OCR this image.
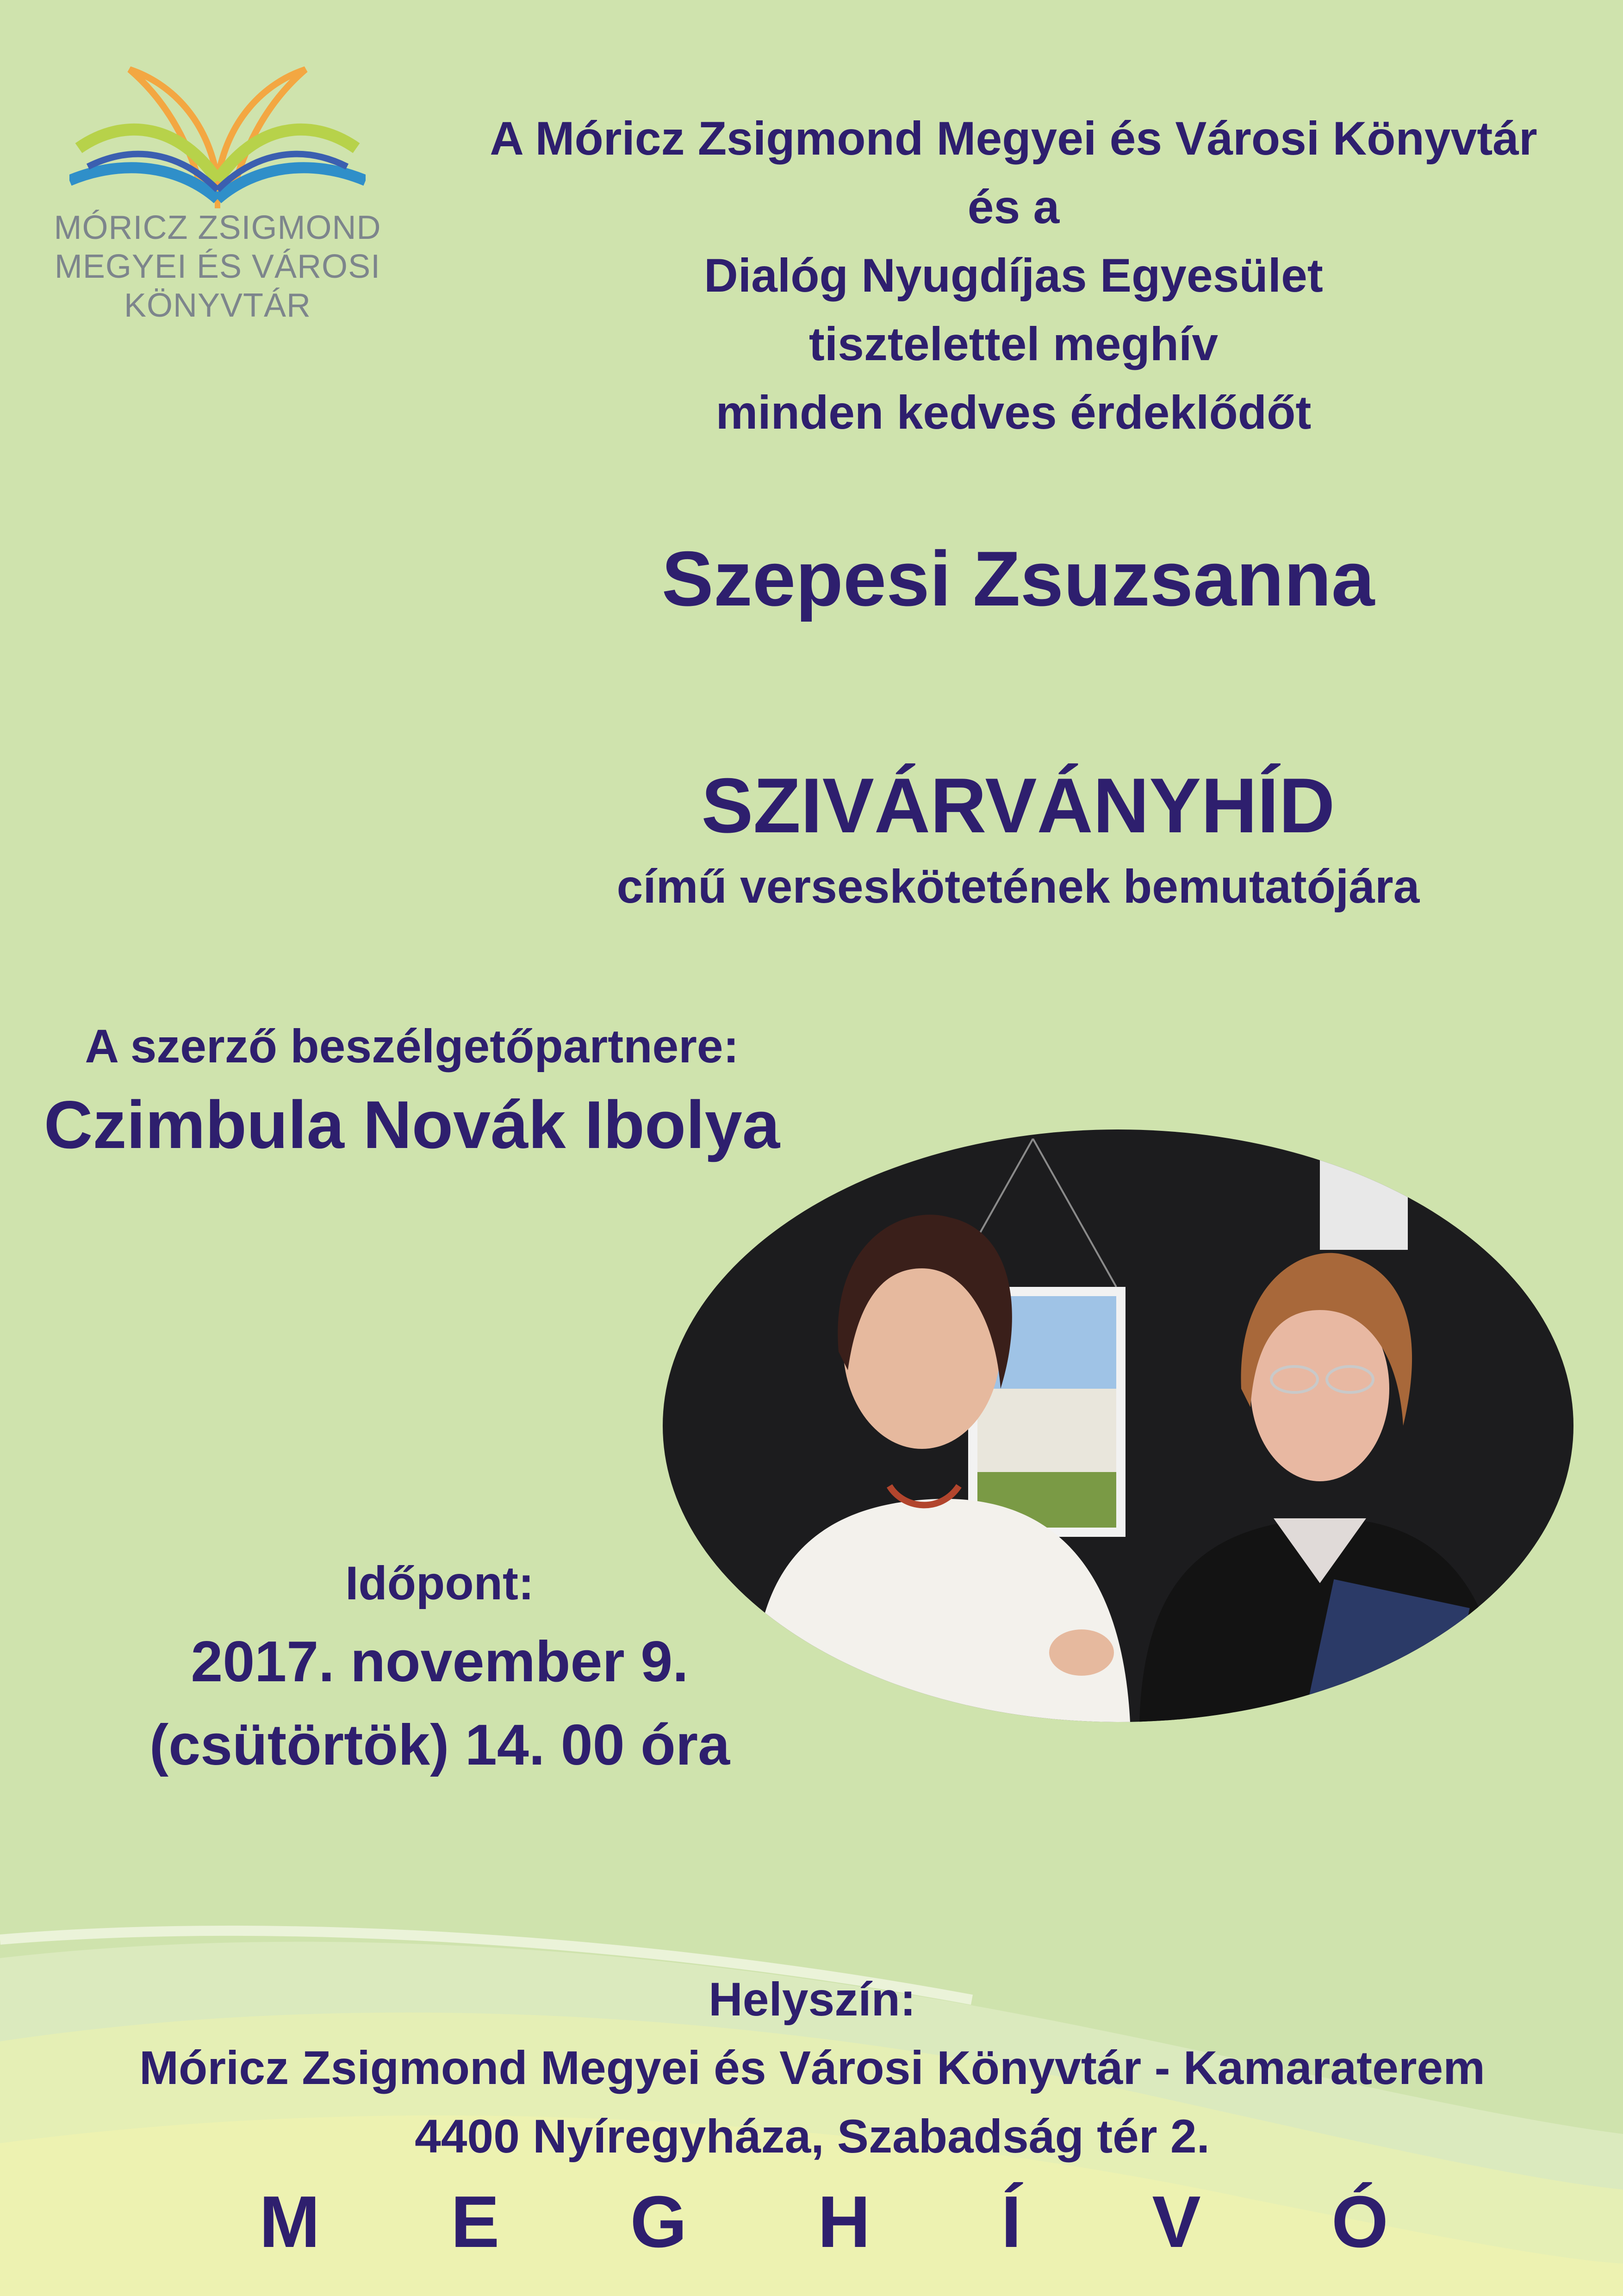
MÓRICZ ZSIGMOND
MEGYEI ÉS VÁROSI
KÖNYVTÁR
A Móricz Zsigmond Megyei és Városi Könyvtár
és a
Dialóg Nyugdíjas Egyesület
tisztelettel meghív
minden kedves érdeklődőt
Szepesi Zsuzsanna
SZIVÁRVÁNYHÍD
című verseskötetének bemutatójára
A szerző beszélgetőpartnere:
Czimbula Novák Ibolya
Időpont:
2017. november 9.
(csütörtök) 14. 00 óra
Helyszín:
Móricz Zsigmond Megyei és Városi Könyvtár - Kamaraterem
4400 Nyíregyháza, Szabadság tér 2.
M E G H Í V Ó
